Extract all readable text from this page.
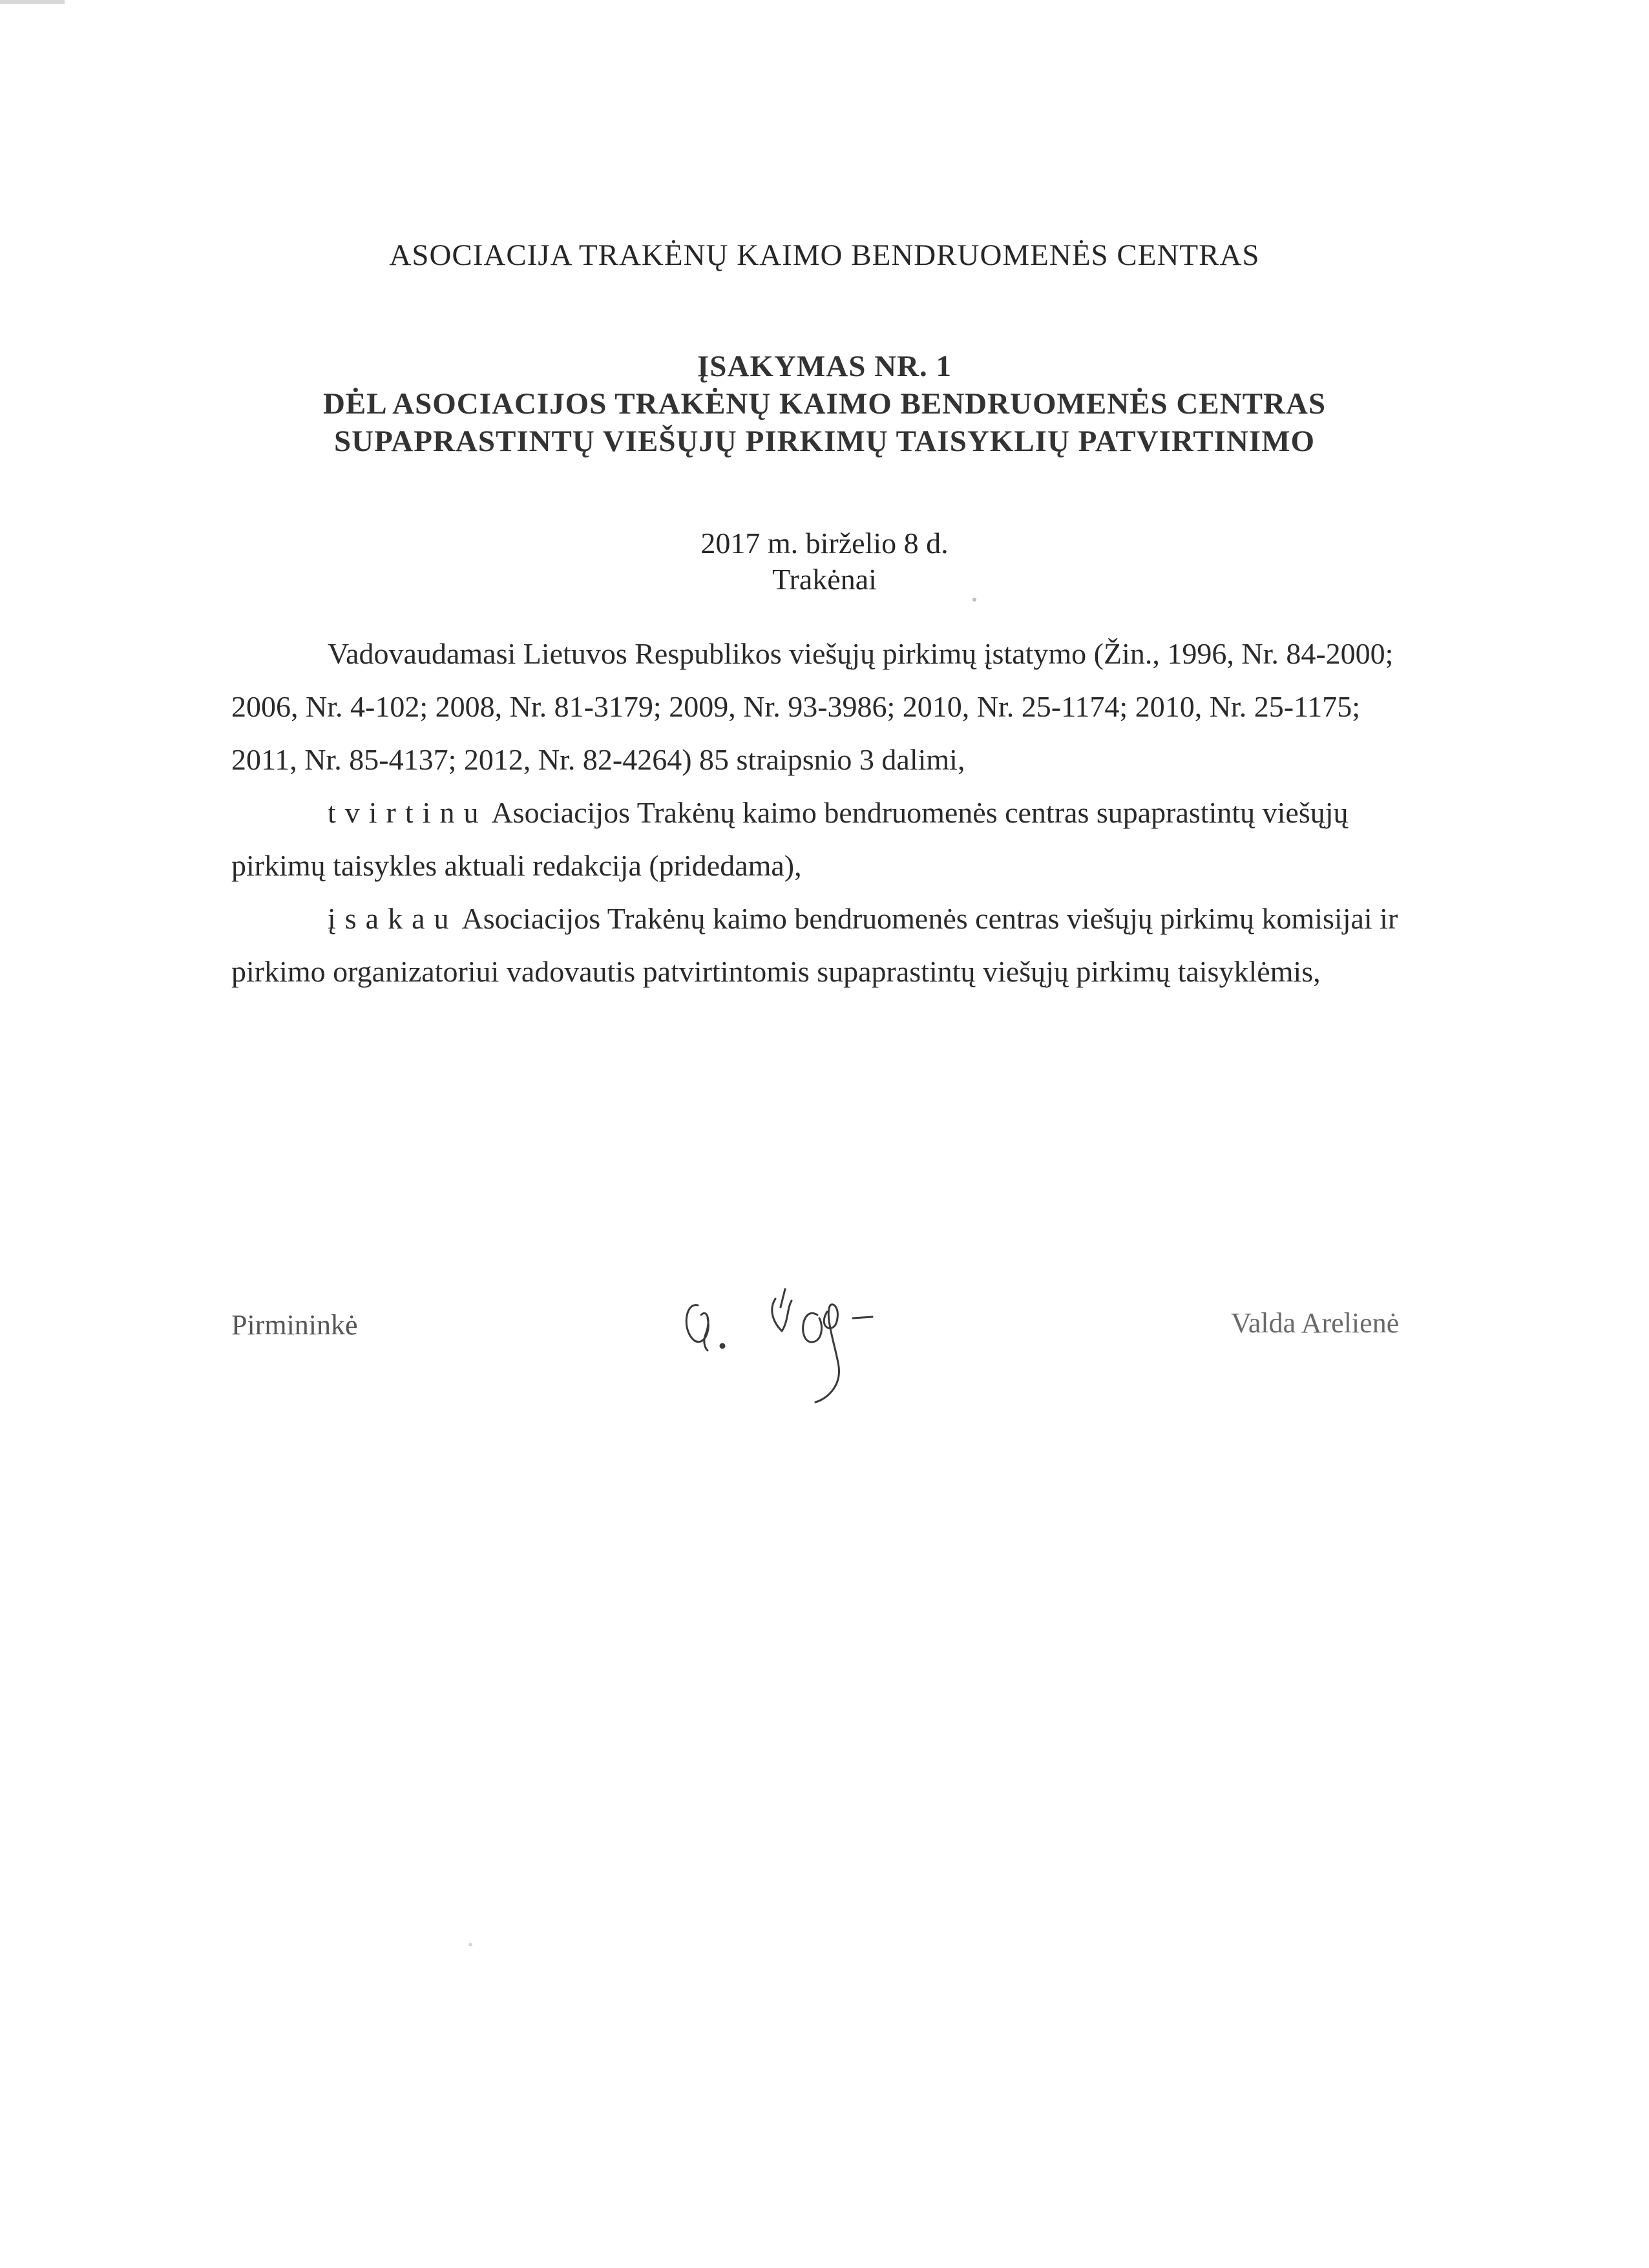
ASOCIACIJA TRAKĖNŲ KAIMO BENDRUOMENĖS CENTRAS
ĮSAKYMAS NR. 1
DĖL ASOCIACIJOS TRAKĖNŲ KAIMO BENDRUOMENĖS CENTRAS
SUPAPRASTINTŲ VIEŠŲJŲ PIRKIMŲ TAISYKLIŲ PATVIRTINIMO
2017 m. birželio 8 d.
Trakėnai
Vadovaudamasi Lietuvos Respublikos viešųjų pirkimų įstatymo (Žin., 1996, Nr. 84-2000;
2006, Nr. 4-102; 2008, Nr. 81-3179; 2009, Nr. 93-3986; 2010, Nr. 25-1174; 2010, Nr. 25-1175;
2011, Nr. 85-4137; 2012, Nr. 82-4264) 85 straipsnio 3 dalimi,
tvirtinu Asociacijos Trakėnų kaimo bendruomenės centras supaprastintų viešųjų
pirkimų taisykles aktuali redakcija (pridedama),
įsakau Asociacijos Trakėnų kaimo bendruomenės centras viešųjų pirkimų komisijai ir
pirkimo organizatoriui vadovautis patvirtintomis supaprastintų viešųjų pirkimų taisyklėmis,
Pirmininkė	Valda Arelienė
